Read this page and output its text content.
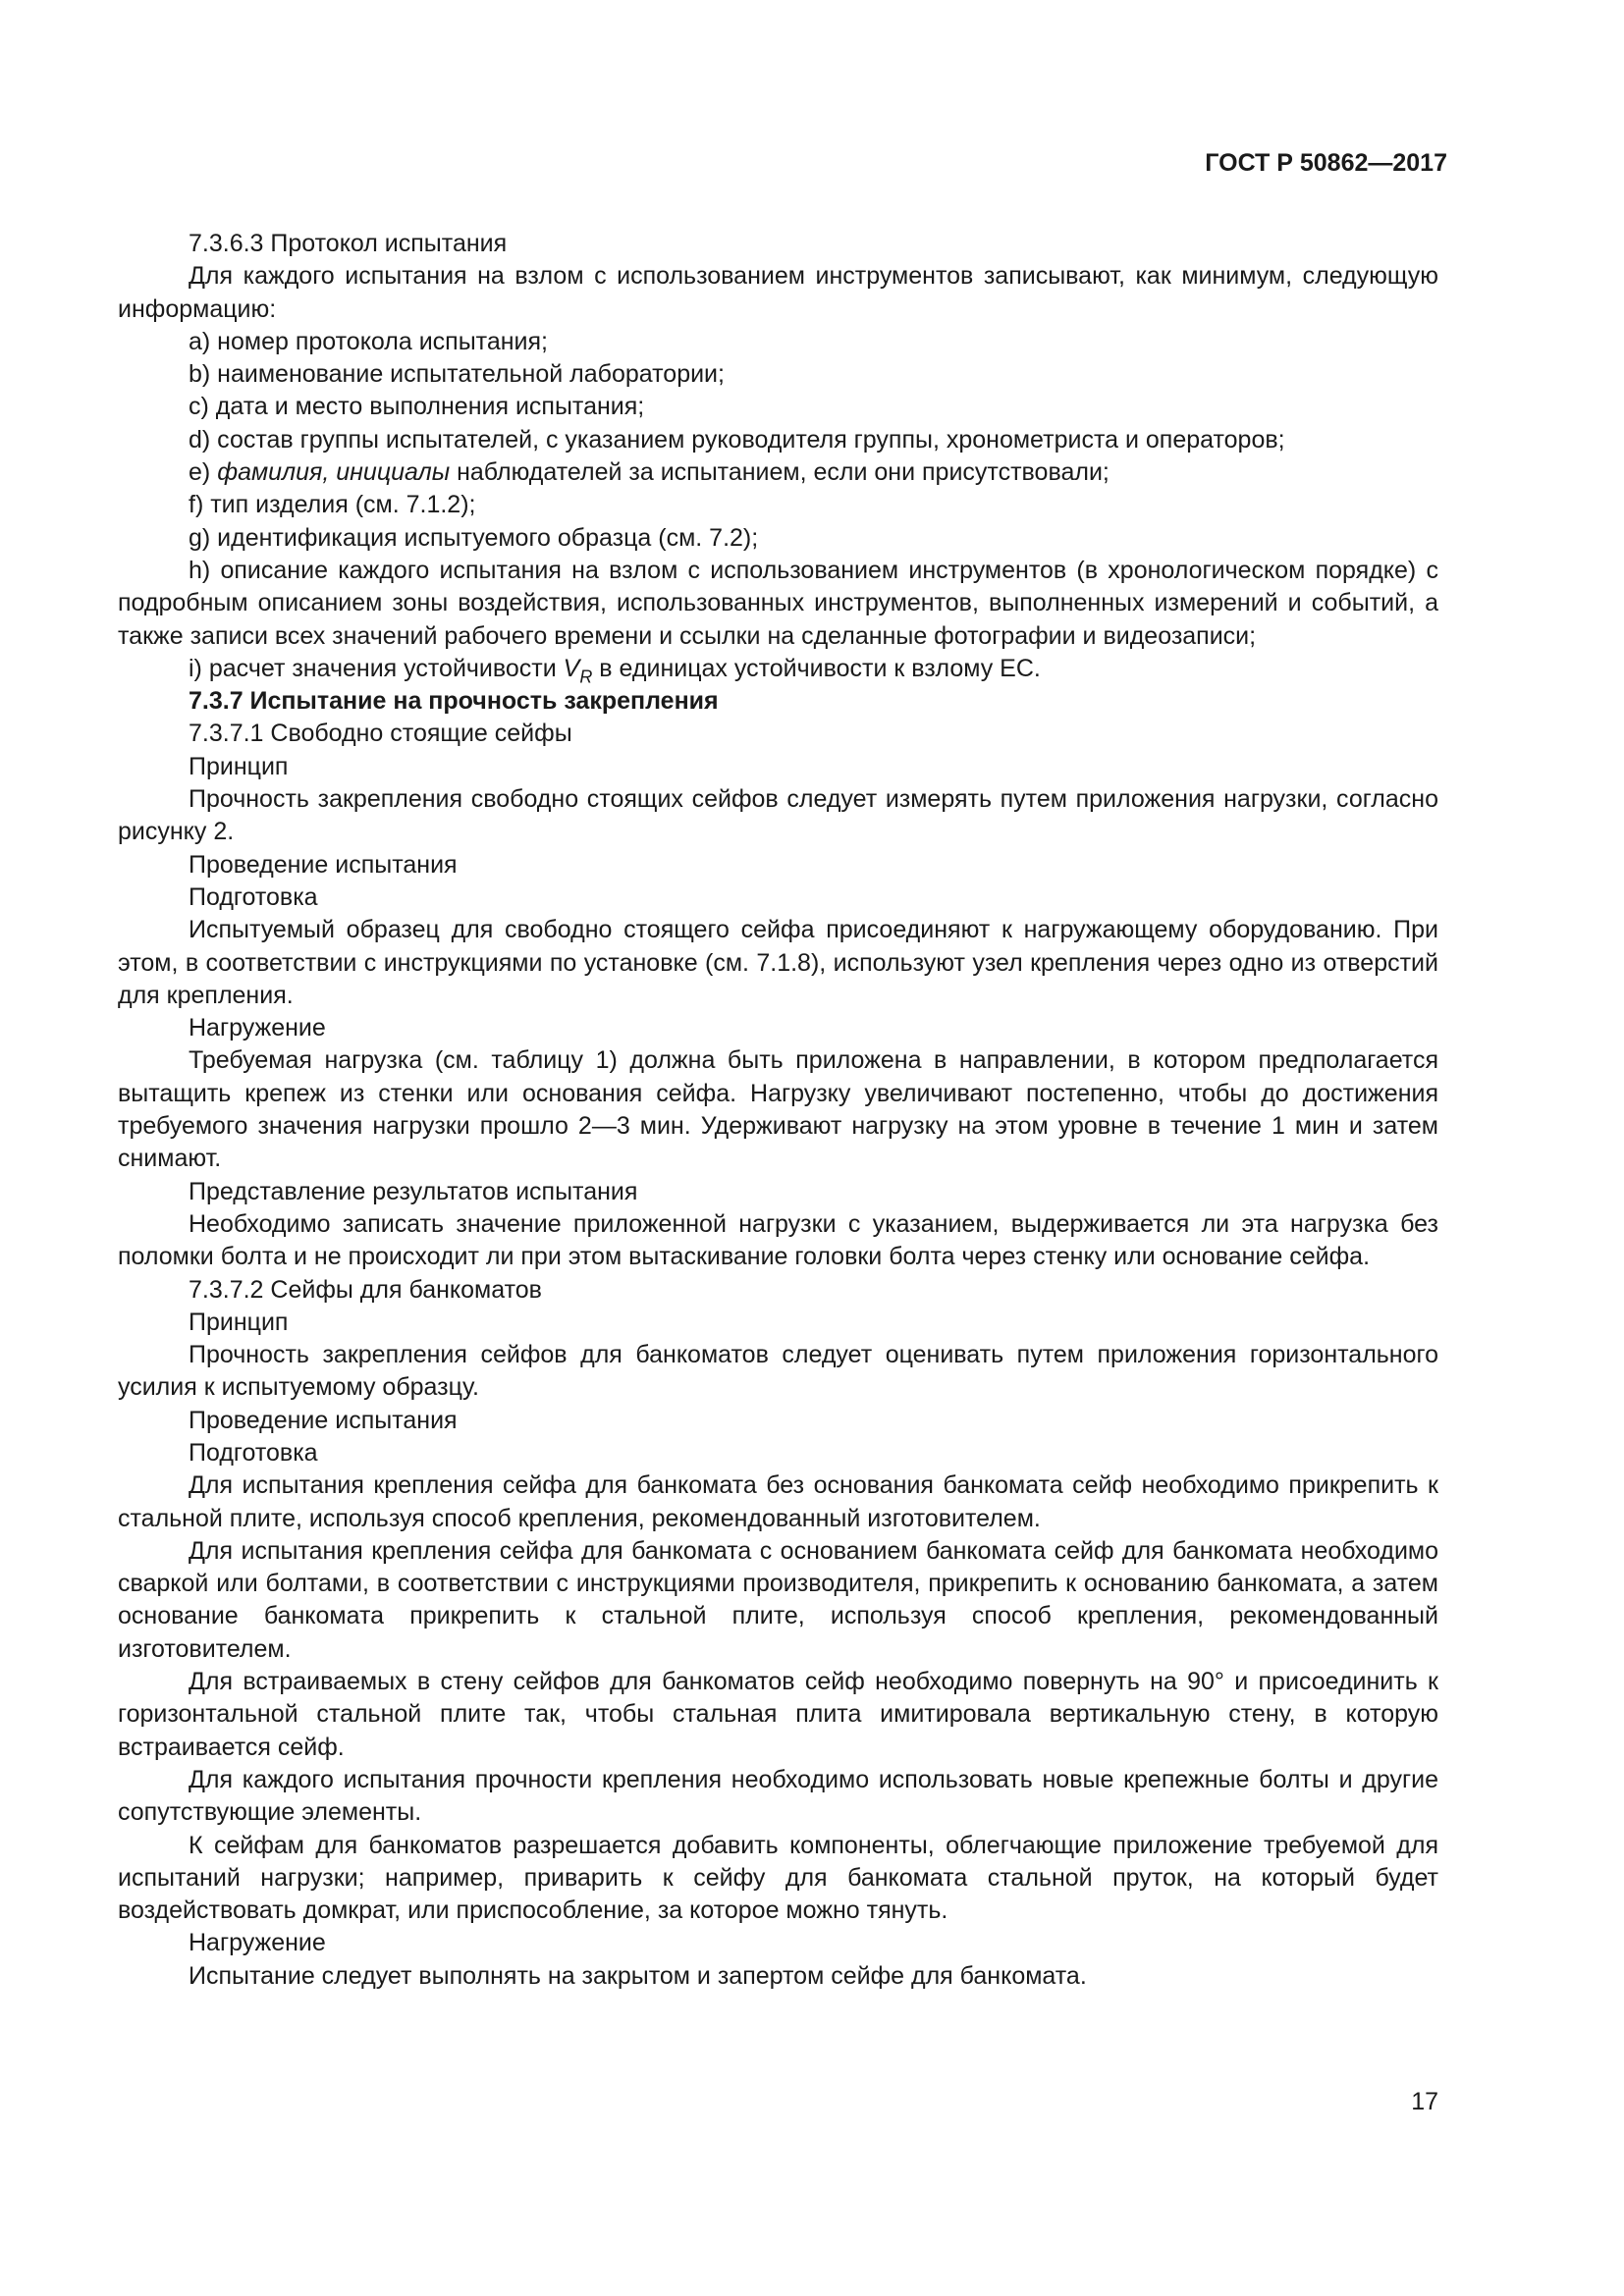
ГОСТ Р 50862—2017

7.3.6.3 Протокол испытания

Для каждого испытания на взлом с использованием инструментов записывают, как минимум, следующую информацию:

a) номер протокола испытания;

b) наименование испытательной лаборатории;

c) дата и место выполнения испытания;

d) состав группы испытателей, с указанием руководителя группы, хронометриста и операторов;

e) фамилия, инициалы наблюдателей за испытанием, если они присутствовали;

f) тип изделия (см. 7.1.2);

g) идентификация испытуемого образца (см. 7.2);

h) описание каждого испытания на взлом с использованием инструментов (в хронологическом порядке) с подробным описанием зоны воздействия, использованных инструментов, выполненных измерений и событий, а также записи всех значений рабочего времени и ссылки на сделанные фотографии и видеозаписи;

i) расчет значения устойчивости $V_R$ в единицах устойчивости к взлому ЕС.

7.3.7 Испытание на прочность закрепления

7.3.7.1 Свободно стоящие сейфы

Принцип

Прочность закрепления свободно стоящих сейфов следует измерять путем приложения нагрузки, согласно рисунку 2.

Проведение испытания

Подготовка

Испытуемый образец для свободно стоящего сейфа присоединяют к нагружающему оборудованию. При этом, в соответствии с инструкциями по установке (см. 7.1.8), используют узел крепления через одно из отверстий для крепления.

Нагружение

Требуемая нагрузка (см. таблицу 1) должна быть приложена в направлении, в котором предполагается вытащить крепеж из стенки или основания сейфа. Нагрузку увеличивают постепенно, чтобы до достижения требуемого значения нагрузки прошло 2—3 мин. Удерживают нагрузку на этом уровне в течение 1 мин и затем снимают.

Представление результатов испытания

Необходимо записать значение приложенной нагрузки с указанием, выдерживается ли эта нагрузка без поломки болта и не происходит ли при этом вытаскивание головки болта через стенку или основание сейфа.

7.3.7.2 Сейфы для банкоматов

Принцип

Прочность закрепления сейфов для банкоматов следует оценивать путем приложения горизонтального усилия к испытуемому образцу.

Проведение испытания

Подготовка

Для испытания крепления сейфа для банкомата без основания банкомата сейф необходимо прикрепить к стальной плите, используя способ крепления, рекомендованный изготовителем.

Для испытания крепления сейфа для банкомата с основанием банкомата сейф для банкомата необходимо сваркой или болтами, в соответствии с инструкциями производителя, прикрепить к основанию банкомата, а затем основание банкомата прикрепить к стальной плите, используя способ крепления, рекомендованный изготовителем.

Для встраиваемых в стену сейфов для банкоматов сейф необходимо повернуть на 90° и присоединить к горизонтальной стальной плите так, чтобы стальная плита имитировала вертикальную стену, в которую встраивается сейф.

Для каждого испытания прочности крепления необходимо использовать новые крепежные болты и другие сопутствующие элементы.

К сейфам для банкоматов разрешается добавить компоненты, облегчающие приложение требуемой для испытаний нагрузки; например, приварить к сейфу для банкомата стальной пруток, на который будет воздействовать домкрат, или приспособление, за которое можно тянуть.

Нагружение

Испытание следует выполнять на закрытом и запертом сейфе для банкомата.

17
